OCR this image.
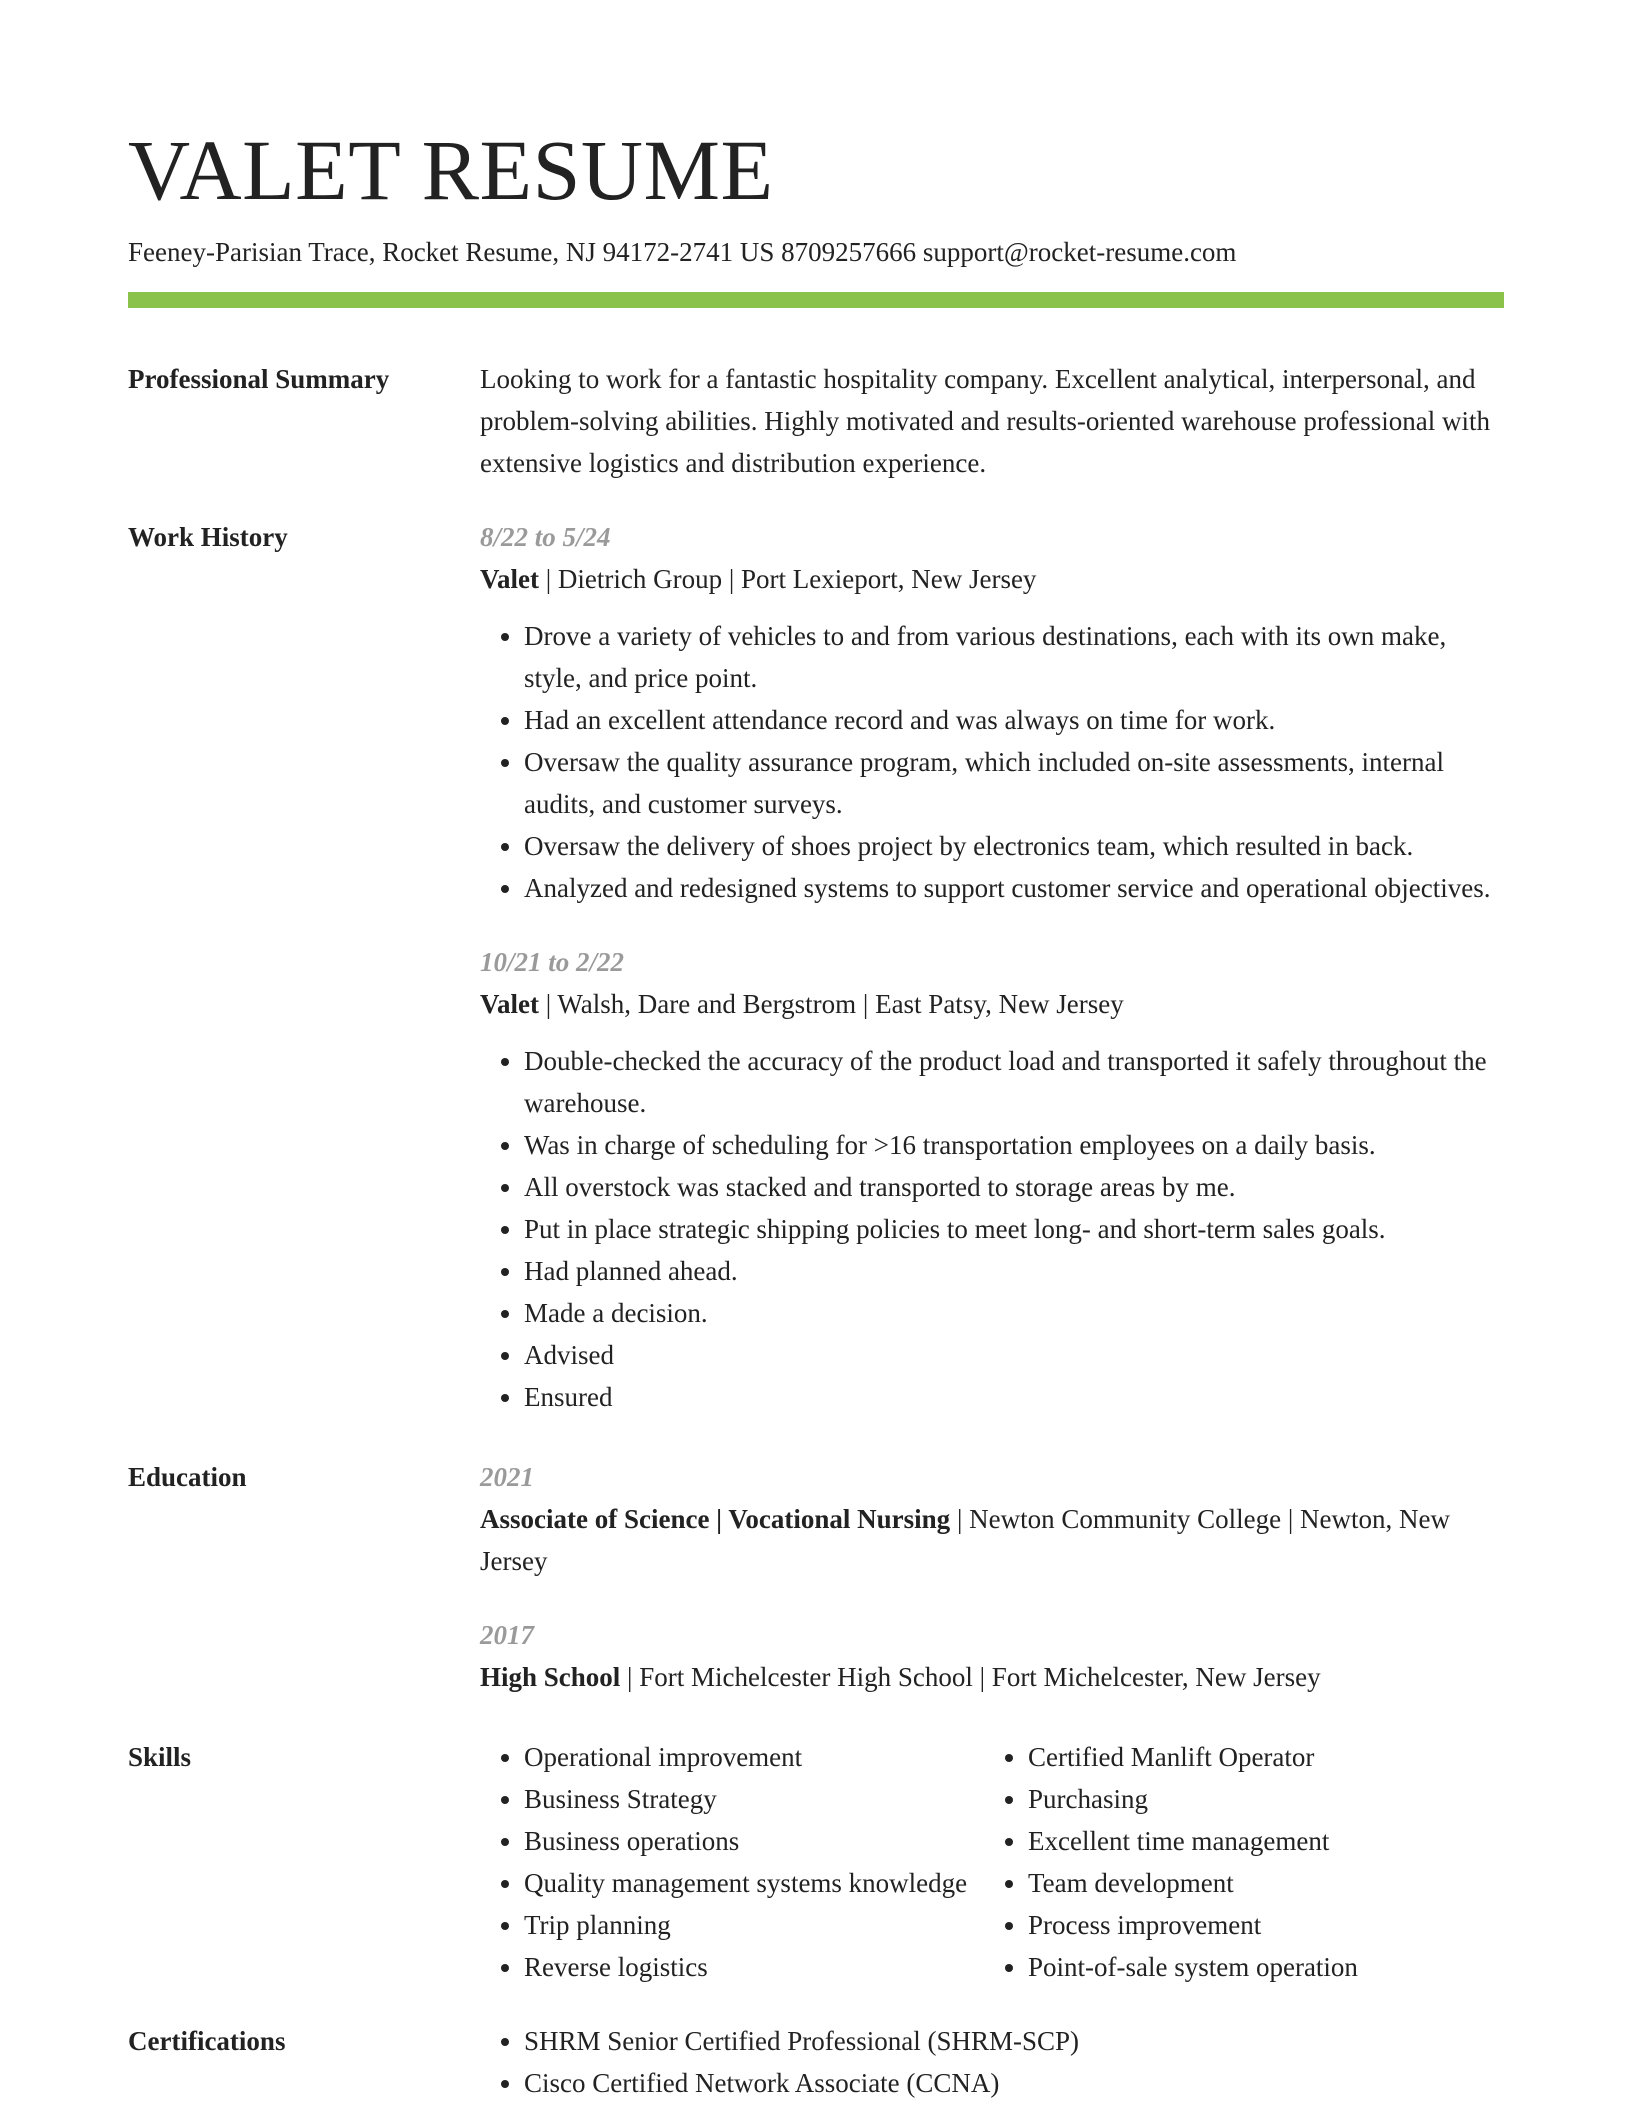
VALET RESUME
Feeney-Parisian Trace, Rocket Resume, NJ 94172-2741 US 8709257666 support@rocket-resume.com
Professional Summary	Looking to work for a fantastic hospitality company. Excellent analytical, interpersonal, and problem-solving abilities. Highly motivated and results-oriented warehouse professional with extensive logistics and distribution experience.

Work History	8/22 to 5/24
Valet | Dietrich Group | Port Lexieport, New Jersey
• Drove a variety of vehicles to and from various destinations, each with its own make, style, and price point.
• Had an excellent attendance record and was always on time for work.
• Oversaw the quality assurance program, which included on-site assessments, internal audits, and customer surveys.
• Oversaw the delivery of shoes project by electronics team, which resulted in back.
• Analyzed and redesigned systems to support customer service and operational objectives.
10/21 to 2/22
Valet | Walsh, Dare and Bergstrom | East Patsy, New Jersey
• Double-checked the accuracy of the product load and transported it safely throughout the warehouse.
• Was in charge of scheduling for >16 transportation employees on a daily basis.
• All overstock was stacked and transported to storage areas by me.
• Put in place strategic shipping policies to meet long- and short-term sales goals.
• Had planned ahead.
• Made a decision.
• Advised
• Ensured
Education	2021
Associate of Science | Vocational Nursing | Newton Community College | Newton, New Jersey
2017
High School | Fort Michelcester High School | Fort Michelcester, New Jersey
Skills	• Operational improvement
• Business Strategy
• Business operations
• Quality management systems knowledge
• Trip planning
• Reverse logistics
• Certified Manlift Operator
• Purchasing
• Excellent time management
• Team development
• Process improvement
• Point-of-sale system operation
Certifications	• SHRM Senior Certified Professional (SHRM-SCP)
• Cisco Certified Network Associate (CCNA)
